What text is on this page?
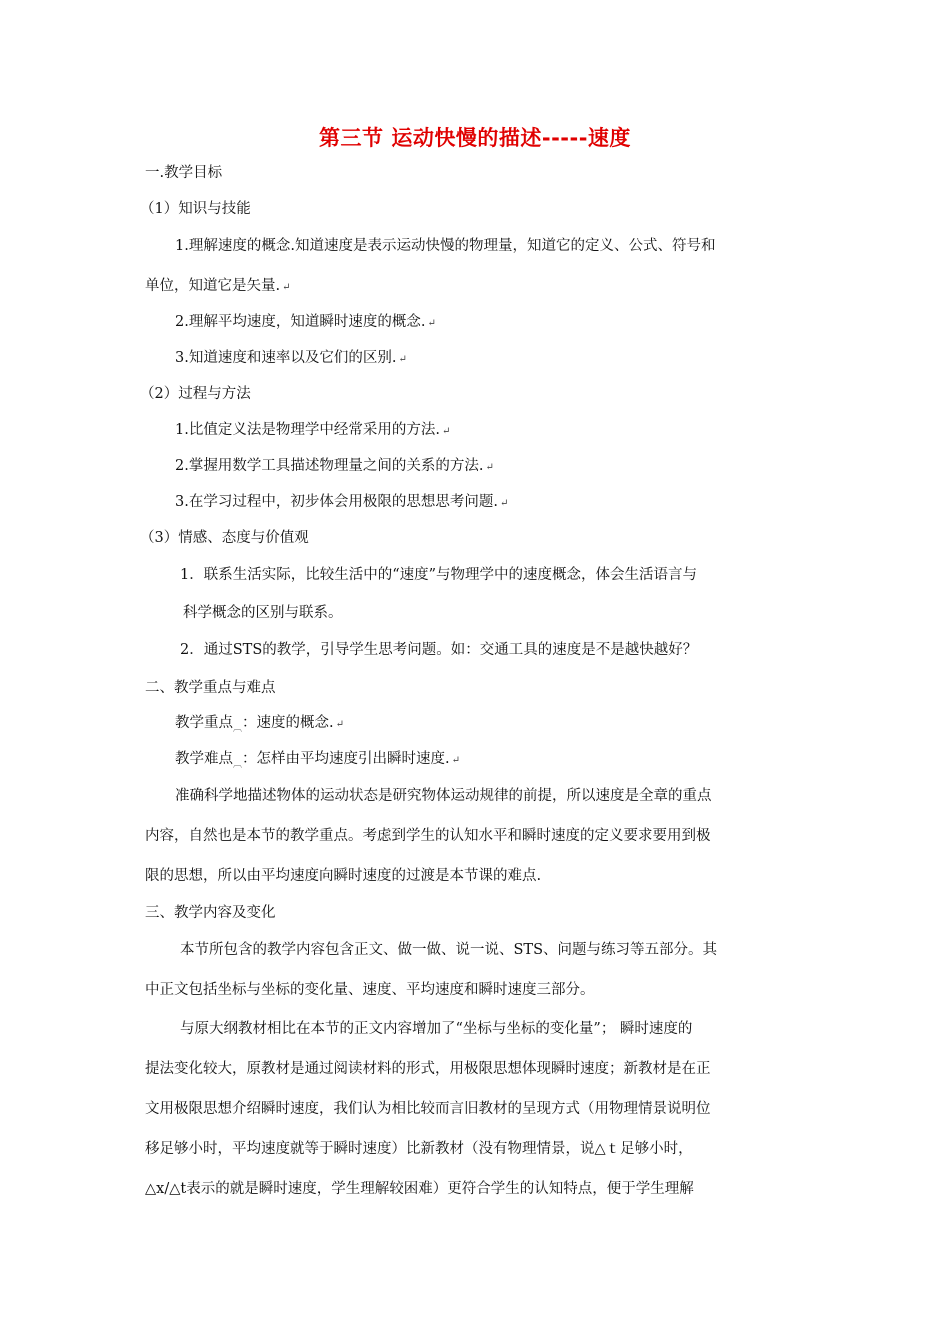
第三节 运动快慢的描述-----速度
一.教学目标
（1）知识与技能
1.理解速度的概念.知道速度是表示运动快慢的物理量，知道它的定义、公式、符号和
单位，知道它是矢量. ↵
2.理解平均速度，知道瞬时速度的概念. ↵
3.知道速度和速率以及它们的区别. ↵
（2）过程与方法
1.比值定义法是物理学中经常采用的方法. ↵
2.掌握用数学工具描述物理量之间的关系的方法. ↵
3.在学习过程中，初步体会用极限的思想思考问题. ↵
（3）情感、态度与价值观
1．联系生活实际，比较生活中的“速度”与物理学中的速度概念，体会生活语言与
科学概念的区别与联系。
2．通过STS的教学，引导学生思考问题。如：交通工具的速度是不是越快越好？
二、教学重点与难点
教学重点$_︹$：速度的概念. ↵
教学难点$_︹$：怎样由平均速度引出瞬时速度. ↵
准确科学地描述物体的运动状态是研究物体运动规律的前提，所以速度是全章的重点
内容，自然也是本节的教学重点。考虑到学生的认知水平和瞬时速度的定义要求要用到极
限的思想，所以由平均速度向瞬时速度的过渡是本节课的难点.
三、教学内容及变化
本节所包含的教学内容包含正文、做一做、说一说、STS、问题与练习等五部分。其
中正文包括坐标与坐标的变化量、速度、平均速度和瞬时速度三部分。
与原大纲教材相比在本节的正文内容增加了“坐标与坐标的变化量”； 瞬时速度的
提法变化较大，原教材是通过阅读材料的形式，用极限思想体现瞬时速度；新教材是在正
文用极限思想介绍瞬时速度，我们认为相比较而言旧教材的呈现方式（用物理情景说明位
移足够小时，平均速度就等于瞬时速度）比新教材（没有物理情景，说△ｔ足够小时，
△x/△t表示的就是瞬时速度，学生理解较困难）更符合学生的认知特点，便于学生理解
